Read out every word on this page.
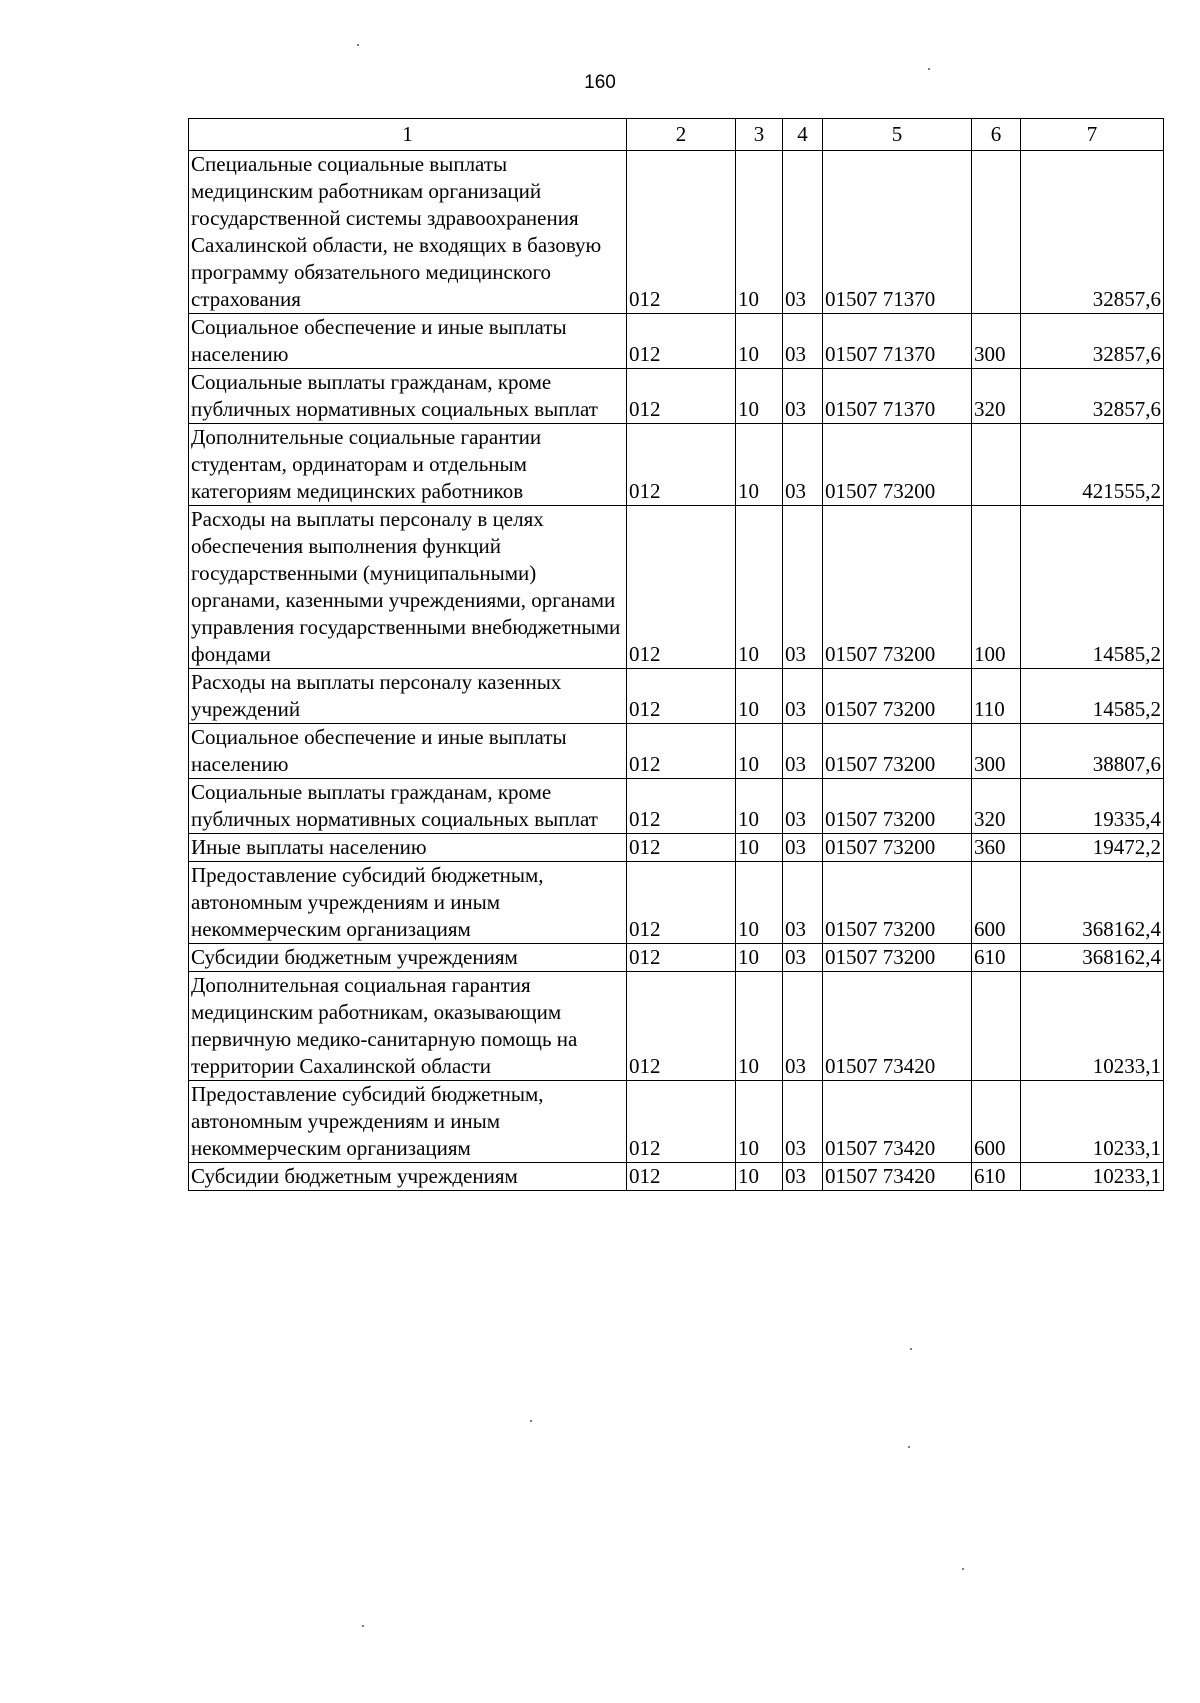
160
1	2	3	4	5	6	7
Специальные социальные выплаты медицинским работникам организаций государственной системы здравоохранения Сахалинской области, не входящих в базовую программу обязательного медицинского страхования	012	10	03	01507 71370		32857,6
Социальное обеспечение и иные выплаты населению	012	10	03	01507 71370	300	32857,6
Социальные выплаты гражданам, кроме публичных нормативных социальных выплат	012	10	03	01507 71370	320	32857,6
Дополнительные социальные гарантии студентам, ординаторам и отдельным категориям медицинских работников	012	10	03	01507 73200		421555,2
Расходы на выплаты персоналу в целях обеспечения выполнения функций государственными (муниципальными) органами, казенными учреждениями, органами управления государственными внебюджетными фондами	012	10	03	01507 73200	100	14585,2
Расходы на выплаты персоналу казенных учреждений	012	10	03	01507 73200	110	14585,2
Социальное обеспечение и иные выплаты населению	012	10	03	01507 73200	300	38807,6
Социальные выплаты гражданам, кроме публичных нормативных социальных выплат	012	10	03	01507 73200	320	19335,4
Иные выплаты населению	012	10	03	01507 73200	360	19472,2
Предоставление субсидий бюджетным, автономным учреждениям и иным некоммерческим организациям	012	10	03	01507 73200	600	368162,4
Субсидии бюджетным учреждениям	012	10	03	01507 73200	610	368162,4
Дополнительная социальная гарантия медицинским работникам, оказывающим первичную медико-санитарную помощь на территории Сахалинской области	012	10	03	01507 73420		10233,1
Предоставление субсидий бюджетным, автономным учреждениям и иным некоммерческим организациям	012	10	03	01507 73420	600	10233,1
Субсидии бюджетным учреждениям	012	10	03	01507 73420	610	10233,1
